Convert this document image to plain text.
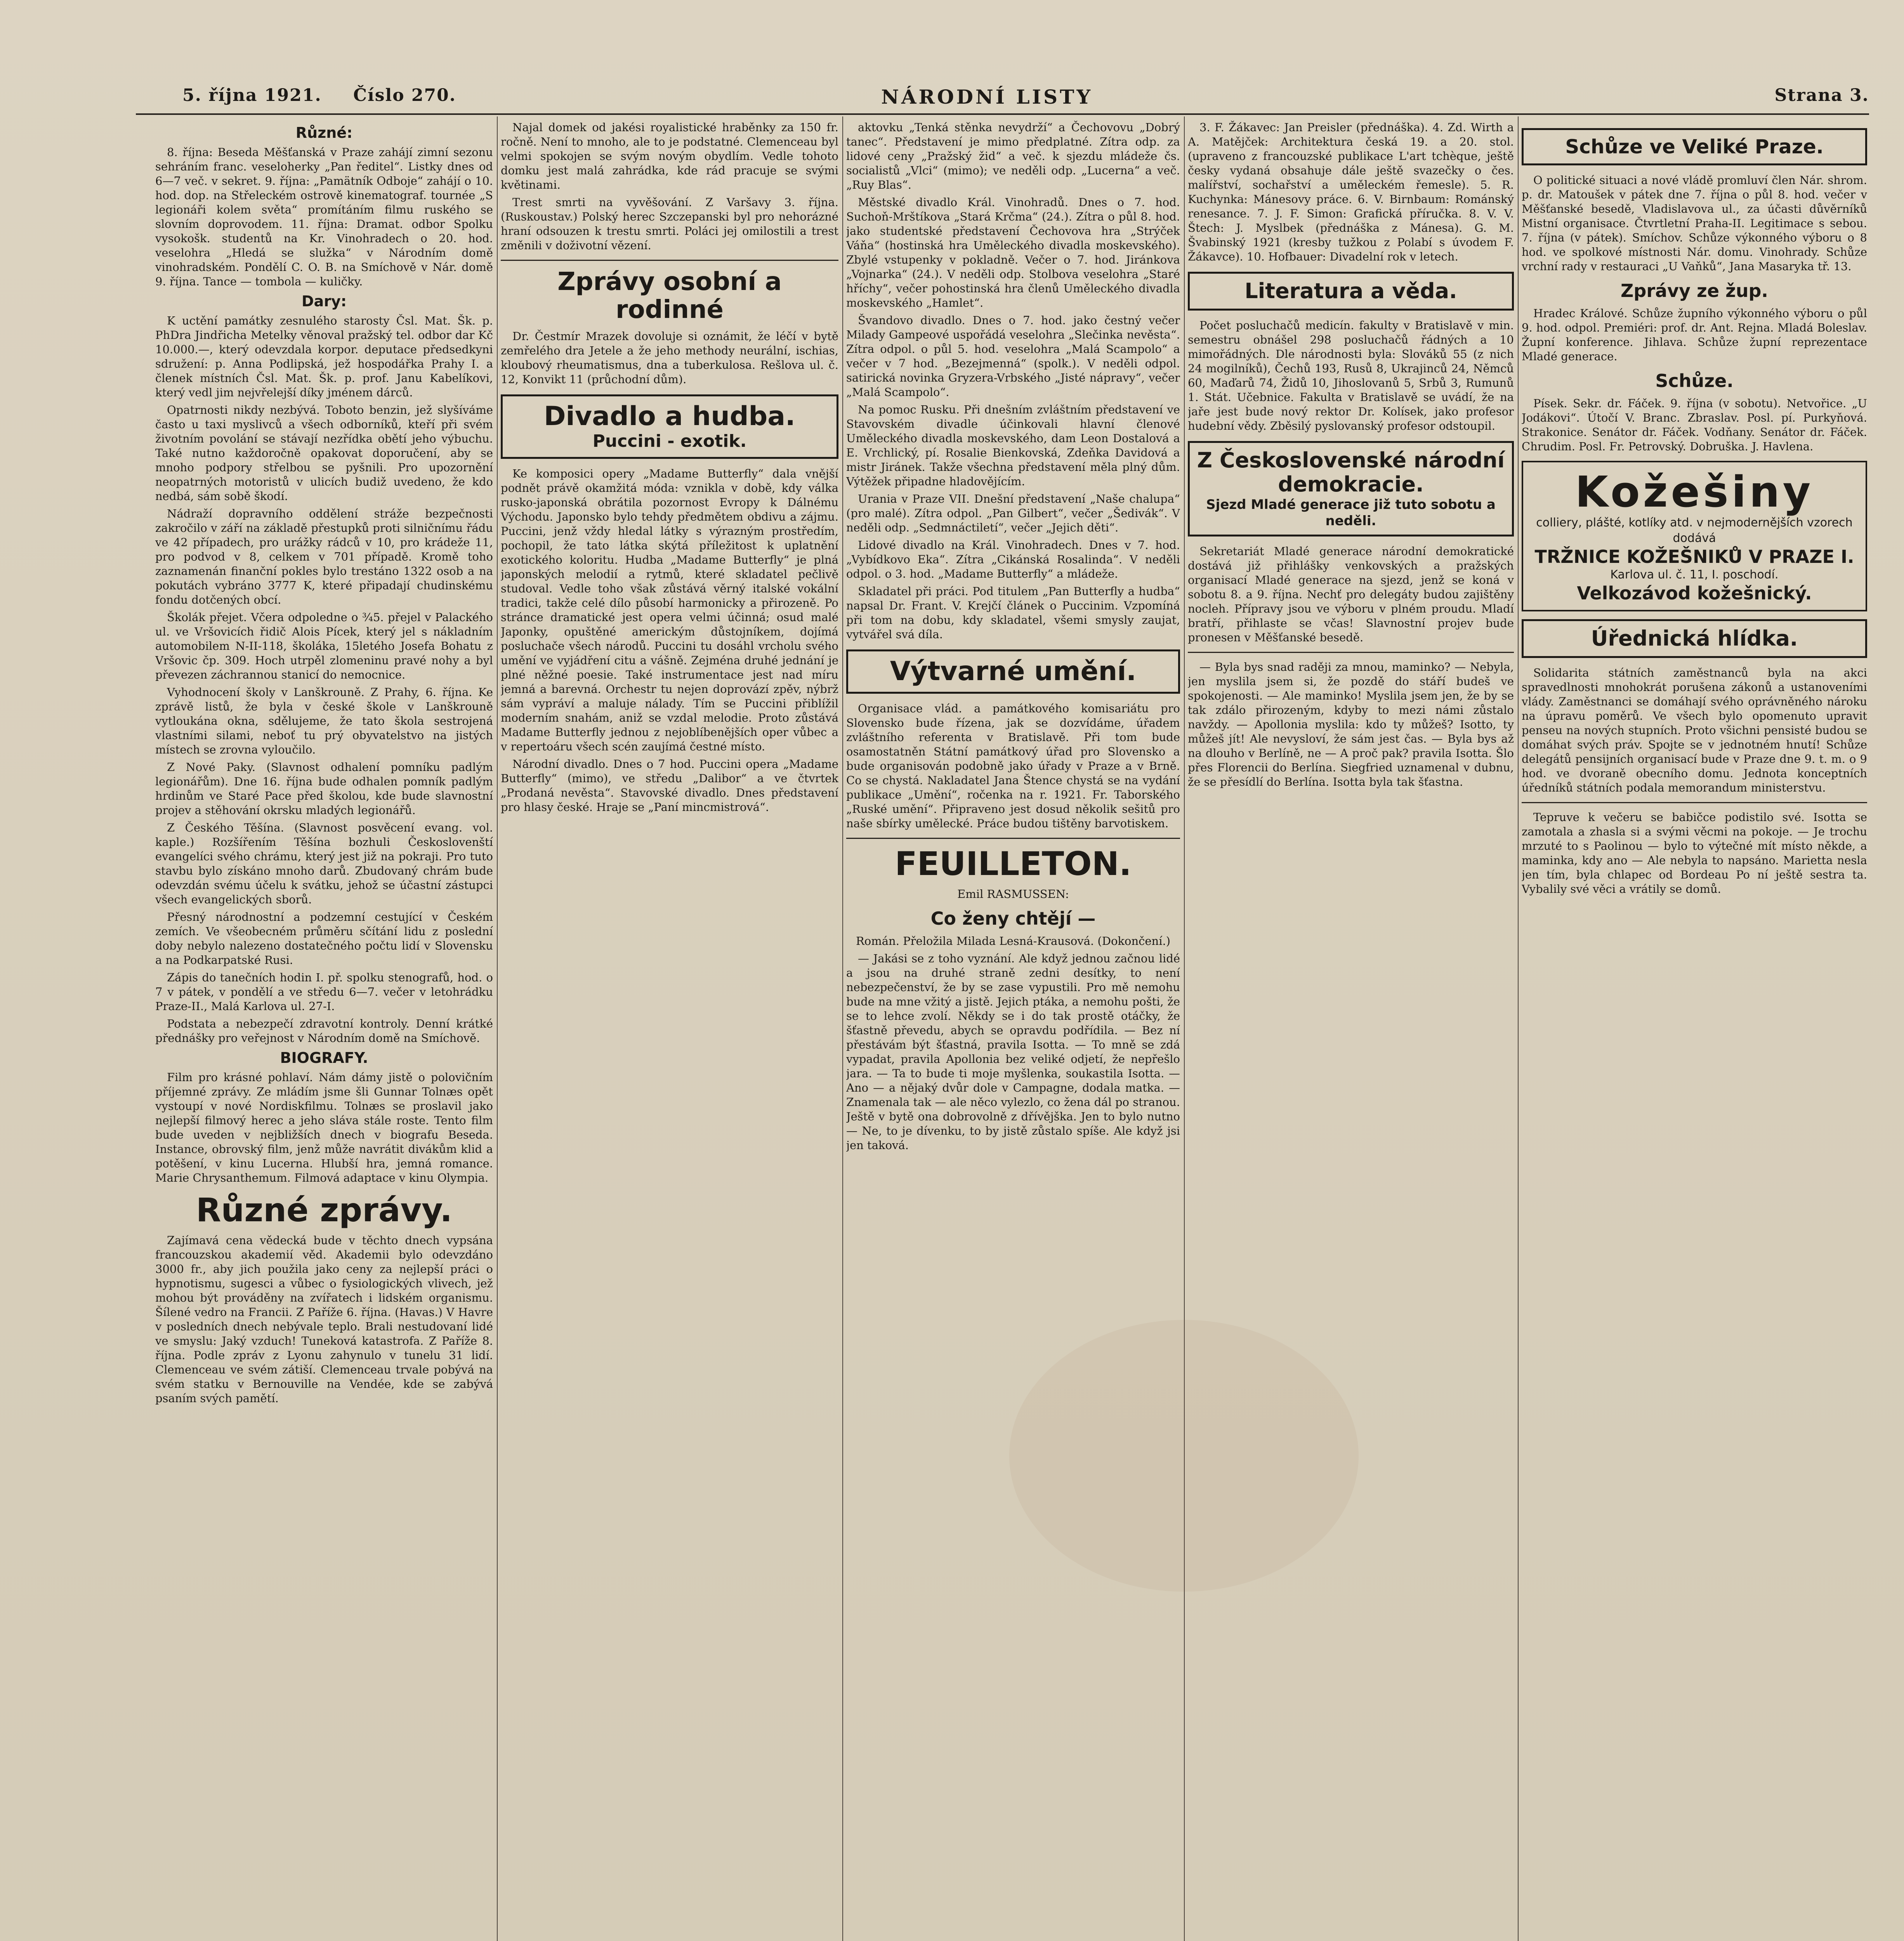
5. října 1921. Číslo 270.	NÁRODNÍ LISTY	Strana 3.
Různé:

8. října: Beseda Měšťanská v Praze zahájí zimní sezonu sehráním franc. veseloherky „Pan ředitel“. Listky dnes od 6—7 več. v sekret. 9. října: „Pamätník Odboje“ zahájí o 10. hod. dop. na Střeleckém ostrově kinematograf. tournée „S legionáři kolem světa“ promítáním filmu ruského se slovním doprovodem. 11. října: Dramat. odbor Spolku vysokošk. studentů na Kr. Vinohradech o 20. hod. veselohra „Hledá se služka“ v Národním domě vinohradském. Pondělí C. O. B. na Smíchově v Nár. domě 9. října. Tance — tombola — kuličky.

Dary:

K uctění památky zesnulého starosty Čsl. Mat. Šk. p. PhDra Jindřicha Metelky věnoval pražský tel. odbor dar Kč 10.000.—, který odevzdala korpor. deputace předsedkyni sdružení: p. Anna Podlipská, jež hospodářka Prahy I. a členek místních Čsl. Mat. Šk. p. prof. Janu Kabelíkovi, který vedl jim nejvřelejší díky jménem dárců.

Opatrnosti nikdy nezbývá. Toboto benzin, jež slyšíváme často u taxi myslivců a všech odborníků, kteří při svém životním povolání se stávají nezřídka obětí jeho výbuchu. Také nutno každoročně opakovat doporučení, aby se mnoho podpory střelbou se pyšnili. Pro upozornění neopatrných motoristů v ulicích budiž uvedeno, že kdo nedbá, sám sobě škodí.

Nádraží dopravního oddělení stráže bezpečnosti zakročilo v září na základě přestupků proti silničnímu řádu ve 42 případech, pro urážky rádců v 10, pro krádeže 11, pro podvod v 8, celkem v 701 případě. Kromě toho zaznamenán finanční pokles bylo trestáno 1322 osob a na pokutách vybráno 3777 K, které připadají chudinskému fondu dotčených obcí.

Školák přejet. Včera odpoledne o ¾5. přejel v Palackého ul. ve Vršovicích řidič Alois Pícek, který jel s nákladním automobilem N-II-118, školáka, 15letého Josefa Bohatu z Vršovic čp. 309. Hoch utrpěl zlomeninu pravé nohy a byl převezen záchrannou stanicí do nemocnice.

Vyhodnocení školy v Lanškrouně. Z Prahy, 6. října. Ke zprávě listů, že byla v české škole v Lanškrouně vytloukána okna, sdělujeme, že tato škola sestrojená vlastními silami, neboť tu prý obyvatelstvo na jistých místech se zrovna vyloučilo.

Z Nové Paky. (Slavnost odhalení pomníku padlým legionářům). Dne 16. října bude odhalen pomník padlým hrdinům ve Staré Pace před školou, kde bude slavnostní projev a stěhování okrsku mladých legionářů.

Z Českého Těšína. (Slavnost posvěcení evang. vol. kaple.) Rozšířením Těšína bozhuli Českoslovenští evangelíci svého chrámu, který jest již na pokraji. Pro tuto stavbu bylo získáno mnoho darů. Zbudovaný chrám bude odevzdán svému účelu k svátku, jehož se účastní zástupci všech evangelických sborů.

Přesný národnostní a podzemní cestující v Českém zemích. Ve všeobecném průměru sčítání lidu z poslední doby nebylo nalezeno dostatečného počtu lidí v Slovensku a na Podkarpatské Rusi.

Zápis do tanečních hodin I. př. spolku stenografů, hod. o 7 v pátek, v pondělí a ve středu 6—7. večer v letohrádku Praze-II., Malá Karlova ul. 27-I.

Podstata a nebezpečí zdravotní kontroly. Denní krátké přednášky pro veřejnost v Národním domě na Smíchově.

BIOGRAFY.

Film pro krásné pohlaví. Nám dámy jistě o polovičním příjemné zprávy. Ze mládím jsme šli Gunnar Tolnæs opět vystoupí v nové Nordiskfilmu. Tolnæs se proslavil jako nejlepší filmový herec a jeho sláva stále roste. Tento film bude uveden v nejbližších dnech v biografu Beseda. Instance, obrovský film, jenž může navrátit divákům klid a potěšení, v kinu Lucerna. Hlubší hra, jemná romance. Marie Chrysanthemum. Filmová adaptace v kinu Olympia.

Různé zprávy.

Zajímavá cena vědecká bude v těchto dnech vypsána francouzskou akademií věd. Akademii bylo odevzdáno 3000 fr., aby jich použila jako ceny za nejlepší práci o hypnotismu, sugesci a vůbec o fysiologických vlivech, jež mohou být prováděny na zvířatech i lidském organismu. Šílené vedro na Francii. Z Paříže 6. října. (Havas.) V Havre v posledních dnech nebývale teplo. Brali nestudovaní lidé ve smyslu: Jaký vzduch! Tuneková katastrofa. Z Paříže 8. října. Podle zpráv z Lyonu zahynulo v tunelu 31 lidí. Clemenceau ve svém zátiší. Clemenceau trvale pobývá na svém statku v Bernouville na Vendée, kde se zabývá psaním svých pamětí.

Najal domek od jakési royalistické hraběnky za 150 fr. ročně. Není to mnoho, ale to je podstatné. Clemenceau byl velmi spokojen se svým novým obydlím. Vedle tohoto domku jest malá zahrádka, kde rád pracuje se svými květinami.

Trest smrti na vyvěšování. Z Varšavy 3. října. (Ruskoustav.) Polský herec Szczepanski byl pro nehorázné hraní odsouzen k trestu smrti. Poláci jej omilostili a trest změnili v doživotní vězení.

Zprávy osobní a rodinné

Dr. Čestmír Mrazek dovoluje si oznámit, že léčí v bytě zemřelého dra Jetele a že jeho methody neurální, ischias, kloubový rheumatismus, dna a tuberkulosa. Rešlova ul. č. 12, Konvikt 11 (průchodní dům).

Divadlo a hudba.
Puccini - exotik.

Ke komposici opery „Madame Butterfly“ dala vnější podnět právě okamžitá móda: vznikla v době, kdy válka rusko-japonská obrátila pozornost Evropy k Dálnému Východu. Japonsko bylo tehdy předmětem obdivu a zájmu. Puccini, jenž vždy hledal látky s výrazným prostředím, pochopil, že tato látka skýtá příležitost k uplatnění exotického koloritu. Hudba „Madame Butterfly“ je plná japonských melodií a rytmů, které skladatel pečlivě studoval. Vedle toho však zůstává věrný italské vokální tradici, takže celé dílo působí harmonicky a přirozeně. Po stránce dramatické jest opera velmi účinná; osud malé Japonky, opuštěné americkým důstojníkem, dojímá posluchače všech národů. Puccini tu dosáhl vrcholu svého umění ve vyjádření citu a vášně. Zejména druhé jednání je plné něžné poesie. Také instrumentace jest nad míru jemná a barevná. Orchestr tu nejen doprovází zpěv, nýbrž sám vypráví a maluje nálady. Tím se Puccini přiblížil moderním snahám, aniž se vzdal melodie. Proto zůstává Madame Butterfly jednou z nejoblíbenějších oper vůbec a v repertoáru všech scén zaujímá čestné místo.

Národní divadlo. Dnes o 7 hod. Puccini opera „Madame Butterfly“ (mimo), ve středu „Dalibor“ a ve čtvrtek „Prodaná nevěsta“. Stavovské divadlo. Dnes představení pro hlasy české. Hraje se „Paní mincmistrová“.

aktovku „Tenká stěnka nevydrží“ a Čechovovu „Dobrý tanec“. Představení je mimo předplatné. Zítra odp. za lidové ceny „Pražský žid“ a več. k sjezdu mládeže čs. socialistů „Vlci“ (mimo); ve neděli odp. „Lucerna“ a več. „Ruy Blas“.

Městské divadlo Král. Vinohradů. Dnes o 7. hod. Suchoň-Mrštíkova „Stará Krčma“ (24.). Zítra o půl 8. hod. jako studentské představení Čechovova hra „Strýček Váňa“ (hostinská hra Uměleckého divadla moskevského). Zbylé vstupenky v pokladně. Večer o 7. hod. Jiránkova „Vojnarka“ (24.). V neděli odp. Stolbova veselohra „Staré hříchy“, večer pohostinská hra členů Uměleckého divadla moskevského „Hamlet“.

Švandovo divadlo. Dnes o 7. hod. jako čestný večer Milady Gampeové uspořádá veselohra „Slečinka nevěsta“. Zítra odpol. o půl 5. hod. veselohra „Malá Scampolo“ a večer v 7 hod. „Bezejmenná“ (spolk.). V neděli odpol. satirická novinka Gryzera-Vrbského „Jisté nápravy“, večer „Malá Scampolo“.

Na pomoc Rusku. Při dnešním zvláštním představení ve Stavovském divadle účinkovali hlavní členové Uměleckého divadla moskevského, dam Leon Dostalová a E. Vrchlický, pí. Rosalie Bienkovská, Zdeňka Davidová a mistr Jiránek. Takže všechna představení měla plný dům. Výtěžek připadne hladovějícím.

Urania v Praze VII. Dnešní představení „Naše chalupa“ (pro malé). Zítra odpol. „Pan Gilbert“, večer „Šedivák“. V neděli odp. „Sedmnáctiletí“, večer „Jejich děti“.

Lidové divadlo na Král. Vinohradech. Dnes v 7. hod. „Vybídkovo Eka“. Zítra „Cikánská Rosalinda“. V neděli odpol. o 3. hod. „Madame Butterfly“ a mládeže.

Skladatel při práci. Pod titulem „Pan Butterfly a hudba“ napsal Dr. Frant. V. Krejčí článek o Puccinim. Vzpomíná při tom na dobu, kdy skladatel, všemi smysly zaujat, vytvářel svá díla.

Výtvarné umění.

Organisace vlád. a památkového komisariátu pro Slovensko bude řízena, jak se dozvídáme, úřadem zvláštního referenta v Bratislavě. Při tom bude osamostatněn Státní památkový úřad pro Slovensko a bude organisován podobně jako úřady v Praze a v Brně. Co se chystá. Nakladatel Jana Štence chystá se na vydání publikace „Umění“, ročenka na r. 1921. Fr. Taborského „Ruské umění“. Připraveno jest dosud několik sešitů pro naše sbírky umělecké. Práce budou tištěny barvotiskem.

FEUILLETON.

Emil RASMUSSEN:

Co ženy chtějí —

Román. Přeložila Milada Lesná-Krausová. (Dokončení.)

— Jakási se z toho vyznání. Ale když jednou začnou lidé a jsou na druhé straně zedni desítky, to není nebezpečenství, že by se zase vypustili. Pro mě nemohu bude na mne vžitý a jistě. Jejich ptáka, a nemohu pošti, že se to lehce zvolí. Někdy se i do tak prostě otáčky, že šťastně převedu, abych se opravdu podřídila. — Bez ní přestávám být šťastná, pravila Isotta. — To mně se zdá vypadat, pravila Apollonia bez veliké odjetí, že nepřešlo jara. — Ta to bude ti moje myšlenka, soukastila Isotta. — Ano — a nějaký dvůr dole v Campagne, dodala matka. — Znamenala tak — ale něco vylezlo, co žena dál po stranou. Ještě v bytě ona dobrovolně z dřívějška. Jen to bylo nutno — Ne, to je dívenku, to by jistě zůstalo spíše. Ale když jsi jen taková.

3. F. Žákavec: Jan Preisler (přednáška). 4. Zd. Wirth a A. Matějček: Architektura česká 19. a 20. stol. (upraveno z francouzské publikace L'art tchèque, ještě česky vydaná obsahuje dále ještě svazečky o čes. malířství, sochařství a uměleckém řemesle). 5. R. Kuchynka: Mánesovy práce. 6. V. Birnbaum: Románský renesance. 7. J. F. Simon: Grafická příručka. 8. V. V. Štech: J. Myslbek (přednáška z Mánesa). G. M. Švabinský 1921 (kresby tužkou z Polabí s úvodem F. Žákavce). 10. Hofbauer: Divadelní rok v letech.

Literatura a věda.

Počet posluchačů medicín. fakulty v Bratislavě v min. semestru obnášel 298 posluchačů řádných a 10 mimořádných. Dle národnosti byla: Slováků 55 (z nich 24 mogilníků), Čechů 193, Rusů 8, Ukrajinců 24, Němců 60, Maďarů 74, Židů 10, Jihoslovanů 5, Srbů 3, Rumunů 1. Stát. Učebnice. Fakulta v Bratislavě se uvádí, že na jaře jest bude nový rektor Dr. Kolísek, jako profesor hudební vědy. Zběsilý pyslovanský profesor odstoupil.

Z Československé národní demokracie.
Sjezd Mladé generace již tuto sobotu a neděli.

Sekretariát Mladé generace národní demokratické dostává již přihlášky venkovských a pražských organisací Mladé generace na sjezd, jenž se koná v sobotu 8. a 9. října. Nechť pro delegáty budou zajištěny nocleh. Přípravy jsou ve výboru v plném proudu. Mladí bratří, přihlaste se včas! Slavnostní projev bude pronesen v Měšťanské besedě.

— Byla bys snad raději za mnou, maminko? — Nebyla, jen myslila jsem si, že pozdě do stáří budeš ve spokojenosti. — Ale maminko! Myslila jsem jen, že by se tak zdálo přirozeným, kdyby to mezi námi zůstalo navždy. — Apollonia myslila: kdo ty můžeš? Isotto, ty můžeš jít! Ale nevysloví, že sám jest čas. — Byla bys až na dlouho v Berlíně, ne — A proč pak? pravila Isotta. Šlo přes Florencii do Berlína. Siegfried uznamenal v dubnu, že se přesídlí do Berlína. Isotta byla tak šťastna.

Schůze ve Veliké Praze.

O politické situaci a nové vládě promluví člen Nár. shrom. p. dr. Matoušek v pátek dne 7. října o půl 8. hod. večer v Měšťanské besedě, Vladislavova ul., za účasti důvěrníků Mistní organisace. Čtvrtletní Praha-II. Legitimace s sebou. 7. října (v pátek). Smíchov. Schůze výkonného výboru o 8 hod. ve spolkové místnosti Nár. domu. Vinohrady. Schůze vrchní rady v restauraci „U Vaňků“, Jana Masaryka tř. 13.

Zprávy ze žup.

Hradec Králové. Schůze župního výkonného výboru o půl 9. hod. odpol. Premiéri: prof. dr. Ant. Rejna. Mladá Boleslav. Župní konference. Jihlava. Schůze župní reprezentace Mladé generace.

Schůze.

Písek. Sekr. dr. Fáček. 9. října (v sobotu). Netvořice. „U Jodákovi“. Útočí V. Branc. Zbraslav. Posl. pí. Purkyňová. Strakonice. Senátor dr. Fáček. Vodňany. Senátor dr. Fáček. Chrudim. Posl. Fr. Petrovský. Dobruška. J. Havlena.

Kožešiny
colliery, plášté, kotlíky atd. v nejmodernějších vzorech dodává
TRŽNICE KOŽEŠNIKŮ V PRAZE I.
Karlova ul. č. 11, I. poschodí.
Velkozávod kožešnický.
Úřednická hlídka.

Solidarita státních zaměstnanců byla na akci spravedlnosti mnohokrát porušena zákonů a ustanoveními vlády. Zaměstnanci se domáhají svého oprávněného nároku na úpravu poměrů. Ve všech bylo opomenuto upravit penseu na nových stupních. Proto všichni pensisté budou se domáhat svých práv. Spojte se v jednotném hnutí! Schůze delegátů pensijních organisací bude v Praze dne 9. t. m. o 9 hod. ve dvoraně obecního domu. Jednota konceptních úředníků státních podala memorandum ministerstvu.

Tepruve k večeru se babičce podistilo své. Isotta se zamotala a zhasla si a svými věcmi na pokoje. — Je trochu mrzuté to s Paolinou — bylo to výtečné mít místo někde, a maminka, kdy ano — Ale nebyla to napsáno. Marietta nesla jen tím, byla chlapec od Bordeau Po ní ještě sestra ta. Vybalily své věci a vrátily se domů.
